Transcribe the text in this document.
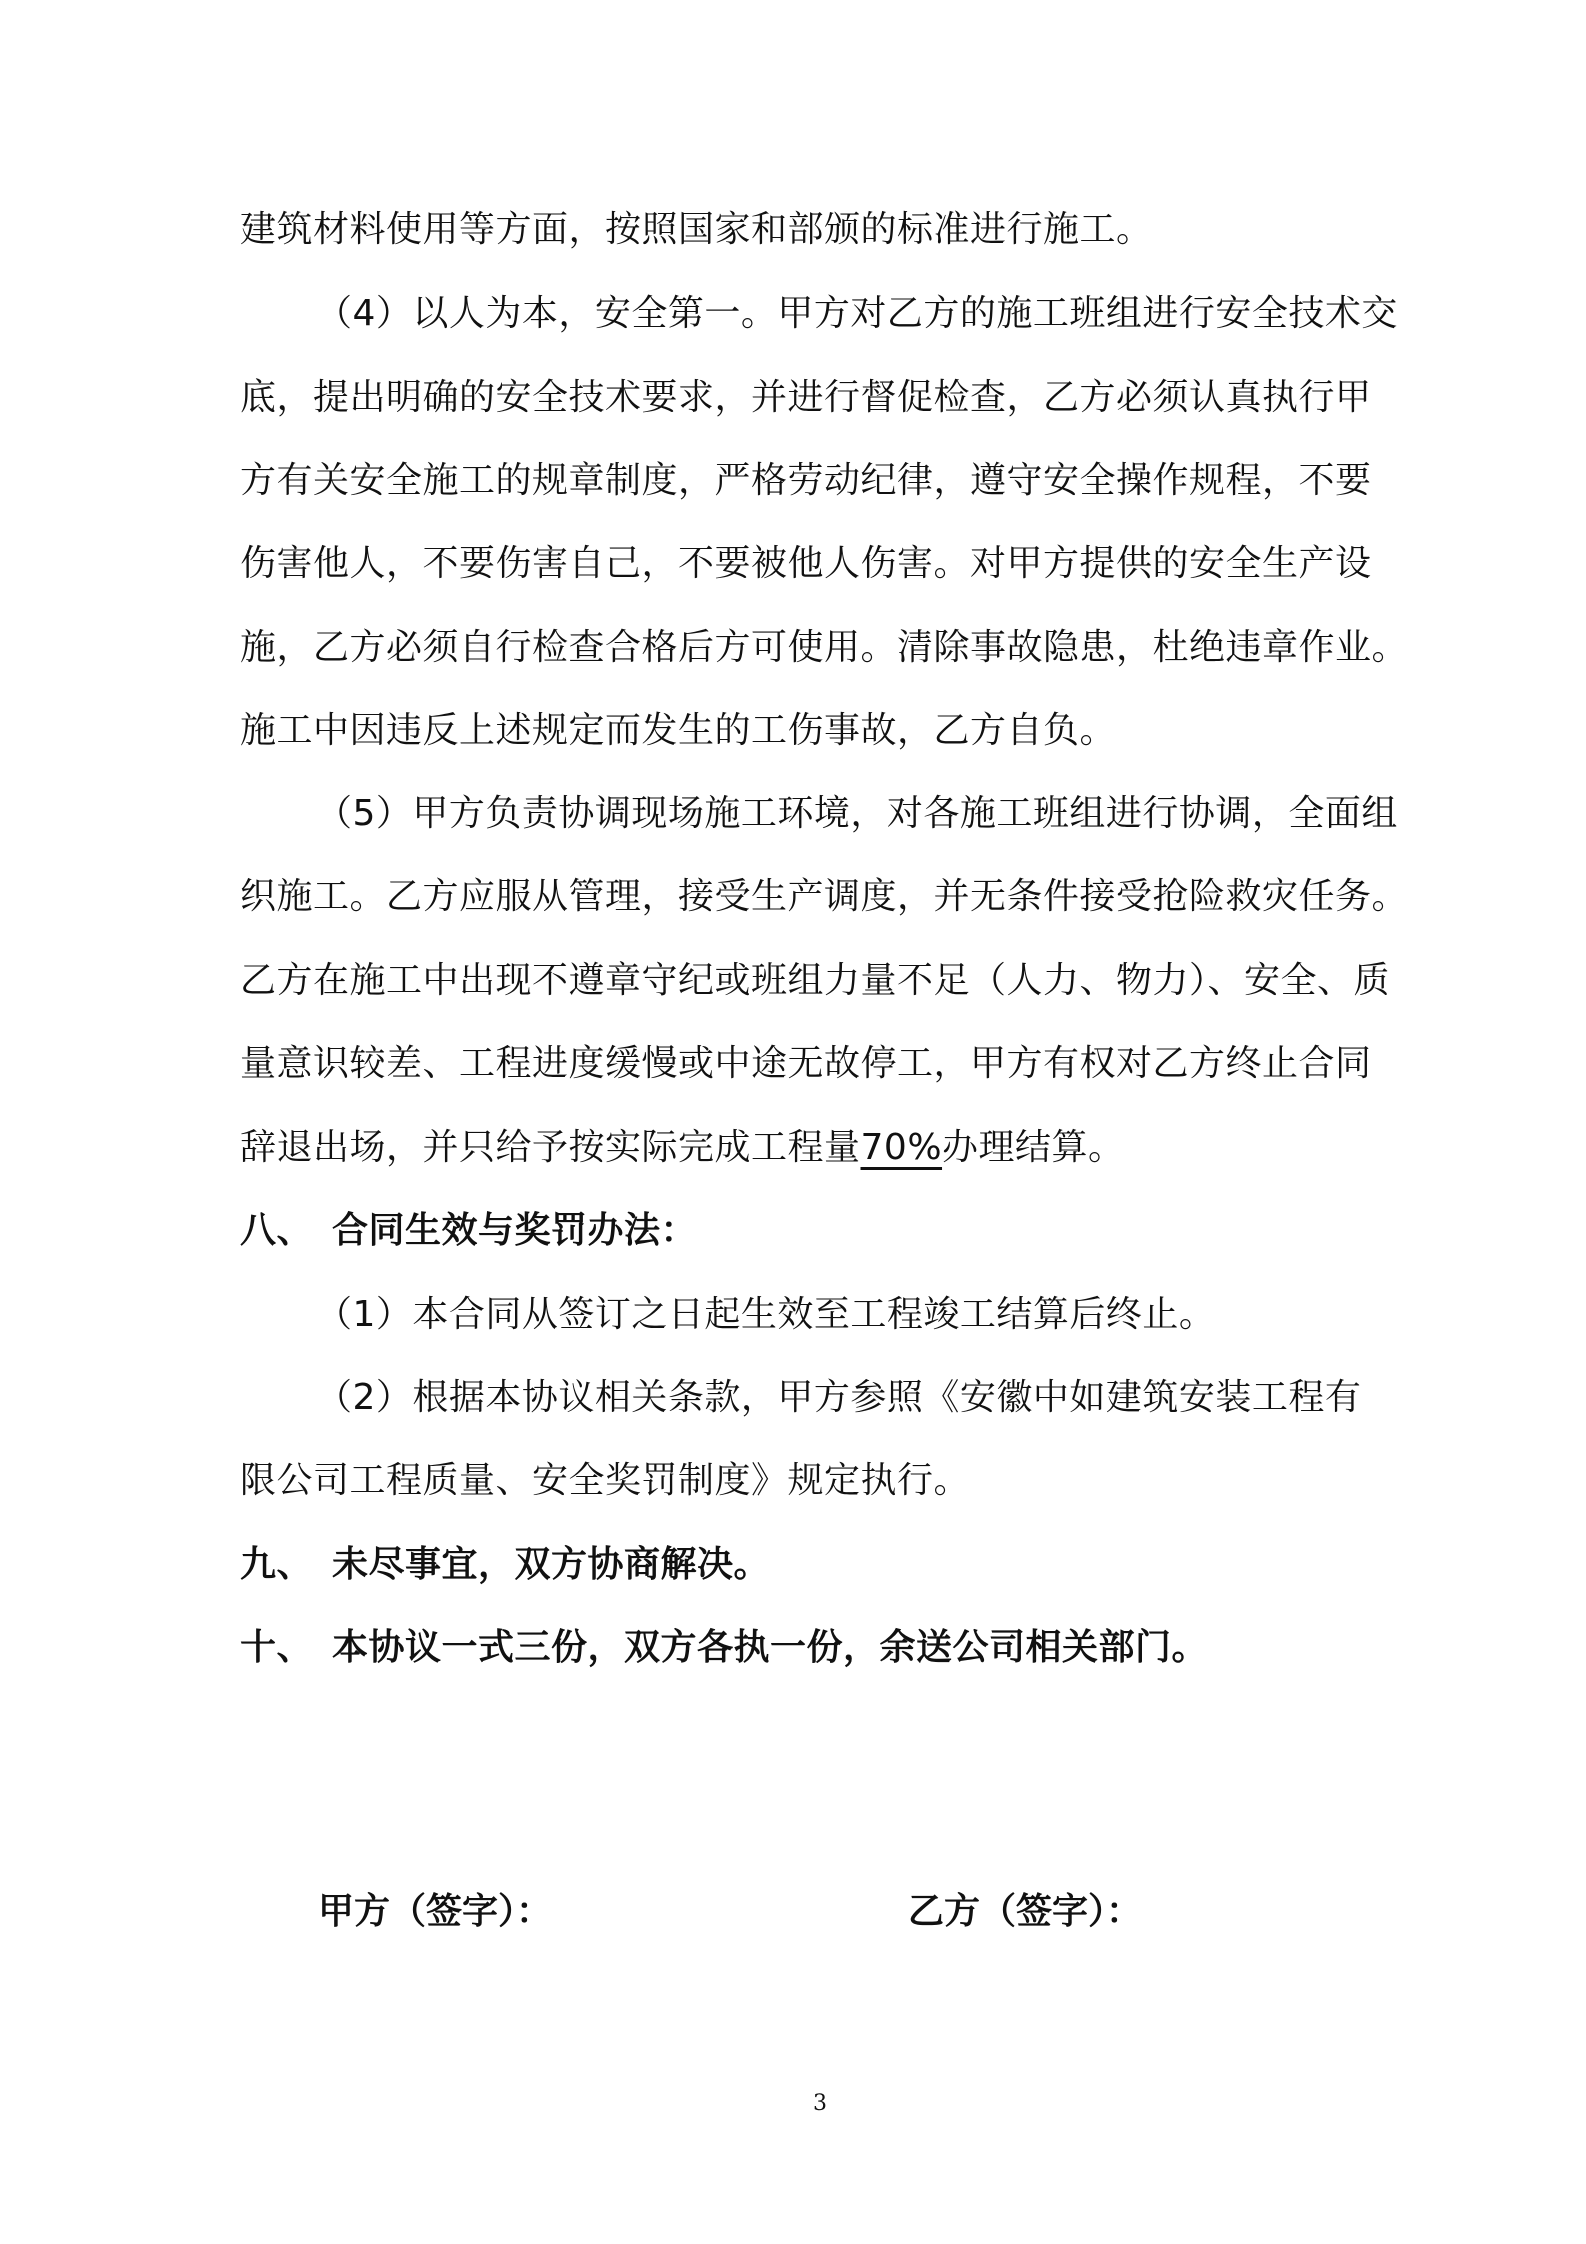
建筑材料使用等方面，按照国家和部颁的标准进行施工。
（4）以人为本，安全第一。甲方对乙方的施工班组进行安全技术交
底，提出明确的安全技术要求，并进行督促检查，乙方必须认真执行甲
方有关安全施工的规章制度，严格劳动纪律，遵守安全操作规程，不要
伤害他人，不要伤害自己，不要被他人伤害。对甲方提供的安全生产设
施，乙方必须自行检查合格后方可使用。清除事故隐患，杜绝违章作业。
施工中因违反上述规定而发生的工伤事故，乙方自负。
（5）甲方负责协调现场施工环境，对各施工班组进行协调，全面组
织施工。乙方应服从管理，接受生产调度，并无条件接受抢险救灾任务。
乙方在施工中出现不遵章守纪或班组力量不足（人力、物力）、安全、质
量意识较差、工程进度缓慢或中途无故停工，甲方有权对乙方终止合同
辞退出场，并只给予按实际完成工程量70%办理结算。
八、 合同生效与奖罚办法：
（1）本合同从签订之日起生效至工程竣工结算后终止。
（2）根据本协议相关条款，甲方参照《安徽中如建筑安装工程有
限公司工程质量、安全奖罚制度》规定执行。
九、 未尽事宜，双方协商解决。
十、 本协议一式三份，双方各执一份，余送公司相关部门。
甲方（签字）：	乙方（签字）：
3
